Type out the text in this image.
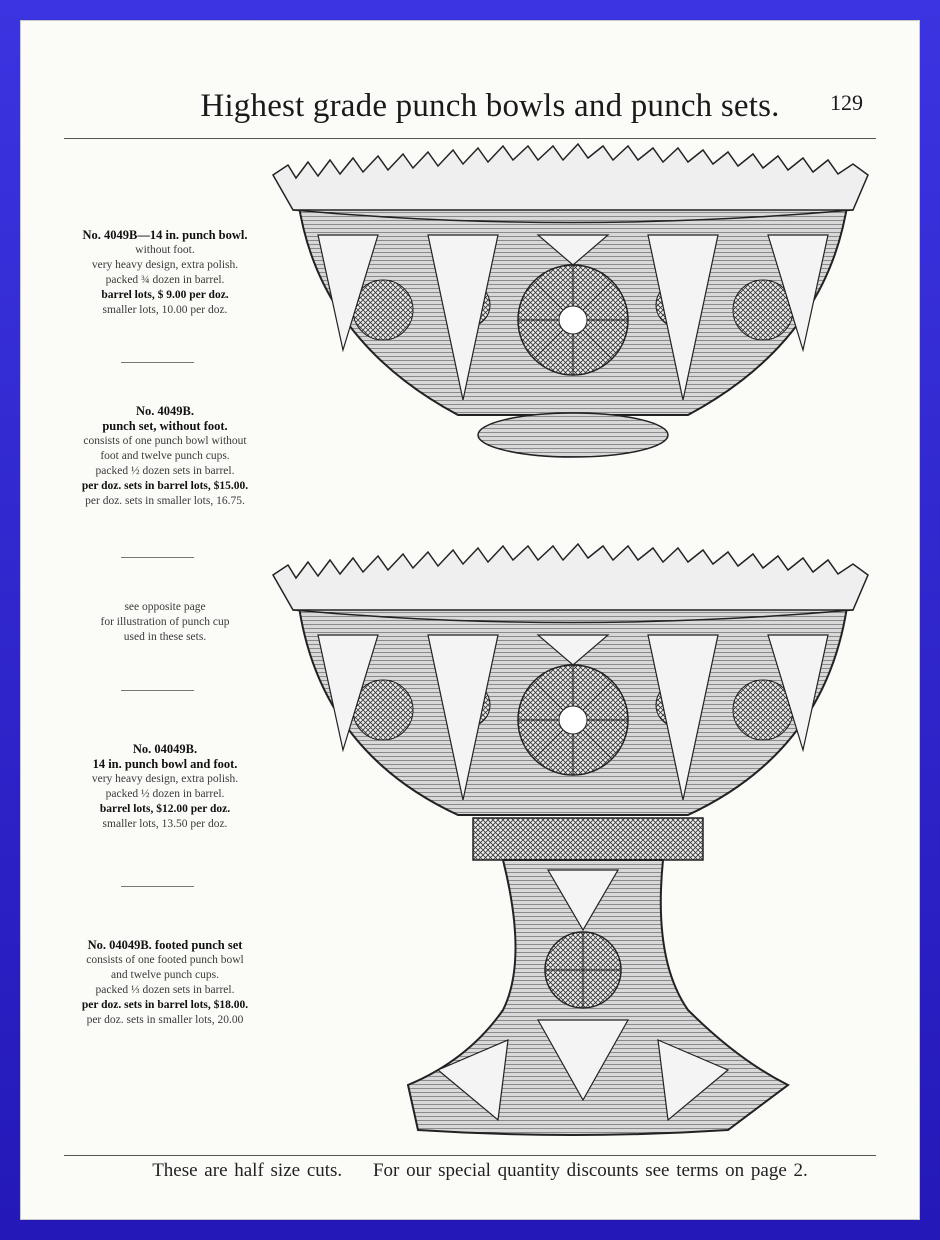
Highest grade punch bowls and punch sets.	129
No. 4049B—14 in. punch bowl.
without foot.
very heavy design, extra polish.
packed ¾ dozen in barrel.
barrel lots, $ 9.00 per doz.
smaller lots, 10.00 per doz.
No. 4049B.
punch set, without foot.
consists of one punch bowl without
foot and twelve punch cups.
packed ½ dozen sets in barrel.
per doz. sets in barrel lots, $15.00.
per doz. sets in smaller lots, 16.75.
see opposite page
for illustration of punch cup
used in these sets.
No. 04049B.
14 in. punch bowl and foot.
very heavy design, extra polish.
packed ½ dozen in barrel.
barrel lots, $12.00 per doz.
smaller lots, 13.50 per doz.
No. 04049B. footed punch set
consists of one footed punch bowl
and twelve punch cups.
packed ⅓ dozen sets in barrel.
per doz. sets in barrel lots, $18.00.
per doz. sets in smaller lots, 20.00
These are half size cuts. For our special quantity discounts see terms on page 2.
